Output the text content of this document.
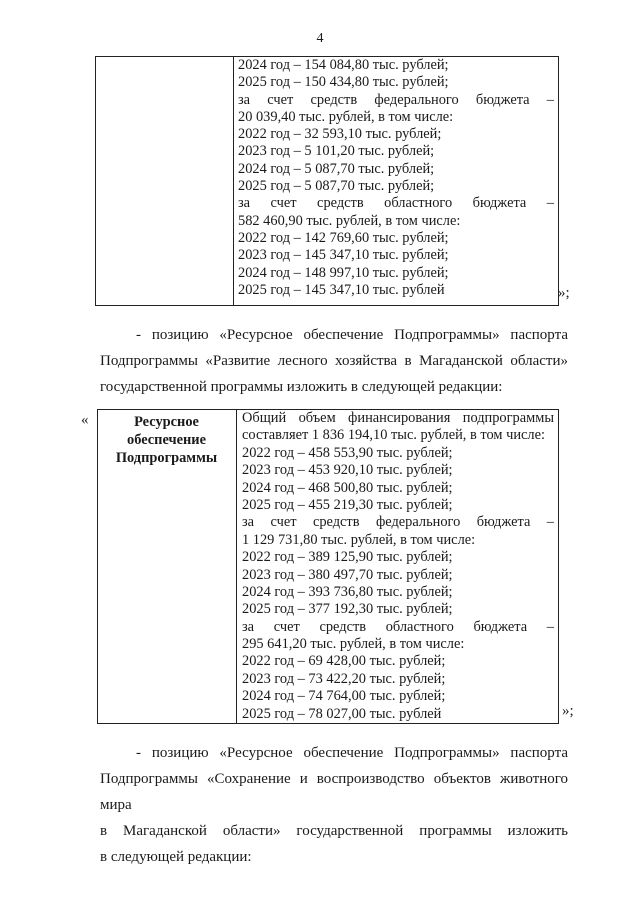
4
2024 год – 154 084,80 тыс. рублей;
2025 год – 150 434,80 тыс. рублей;
за счет средств федерального бюджета –
20 039,40 тыс. рублей, в том числе:
2022 год – 32 593,10 тыс. рублей;
2023 год – 5 101,20 тыс. рублей;
2024 год – 5 087,70 тыс. рублей;
2025 год – 5 087,70 тыс. рублей;
за счет средств областного бюджета –
582 460,90 тыс. рублей, в том числе:
2022 год – 142 769,60 тыс. рублей;
2023 год – 145 347,10 тыс. рублей;
2024 год – 148 997,10 тыс. рублей;
2025 год – 145 347,10 тыс. рублей	»;
- позицию «Ресурсное обеспечение Подпрограммы» паспорта
Подпрограммы «Развитие лесного хозяйства в Магаданской области»
государственной программы изложить в следующей редакции:
«	Ресурсное
обеспечение
Подпрограммы
Общий объем финансирования подпрограммы
составляет 1 836 194,10 тыс. рублей, в том числе:
2022 год – 458 553,90 тыс. рублей;
2023 год – 453 920,10 тыс. рублей;
2024 год – 468 500,80 тыс. рублей;
2025 год – 455 219,30 тыс. рублей;
за счет средств федерального бюджета –
1 129 731,80 тыс. рублей, в том числе:
2022 год – 389 125,90 тыс. рублей;
2023 год – 380 497,70 тыс. рублей;
2024 год – 393 736,80 тыс. рублей;
2025 год – 377 192,30 тыс. рублей;
за счет средств областного бюджета –
295 641,20 тыс. рублей, в том числе:
2022 год – 69 428,00 тыс. рублей;
2023 год – 73 422,20 тыс. рублей;
2024 год – 74 764,00 тыс. рублей;
2025 год – 78 027,00 тыс. рублей	»;
- позицию «Ресурсное обеспечение Подпрограммы» паспорта
Подпрограммы «Сохранение и воспроизводство объектов животного мира
в Магаданской области» государственной программы изложить
в следующей редакции:
